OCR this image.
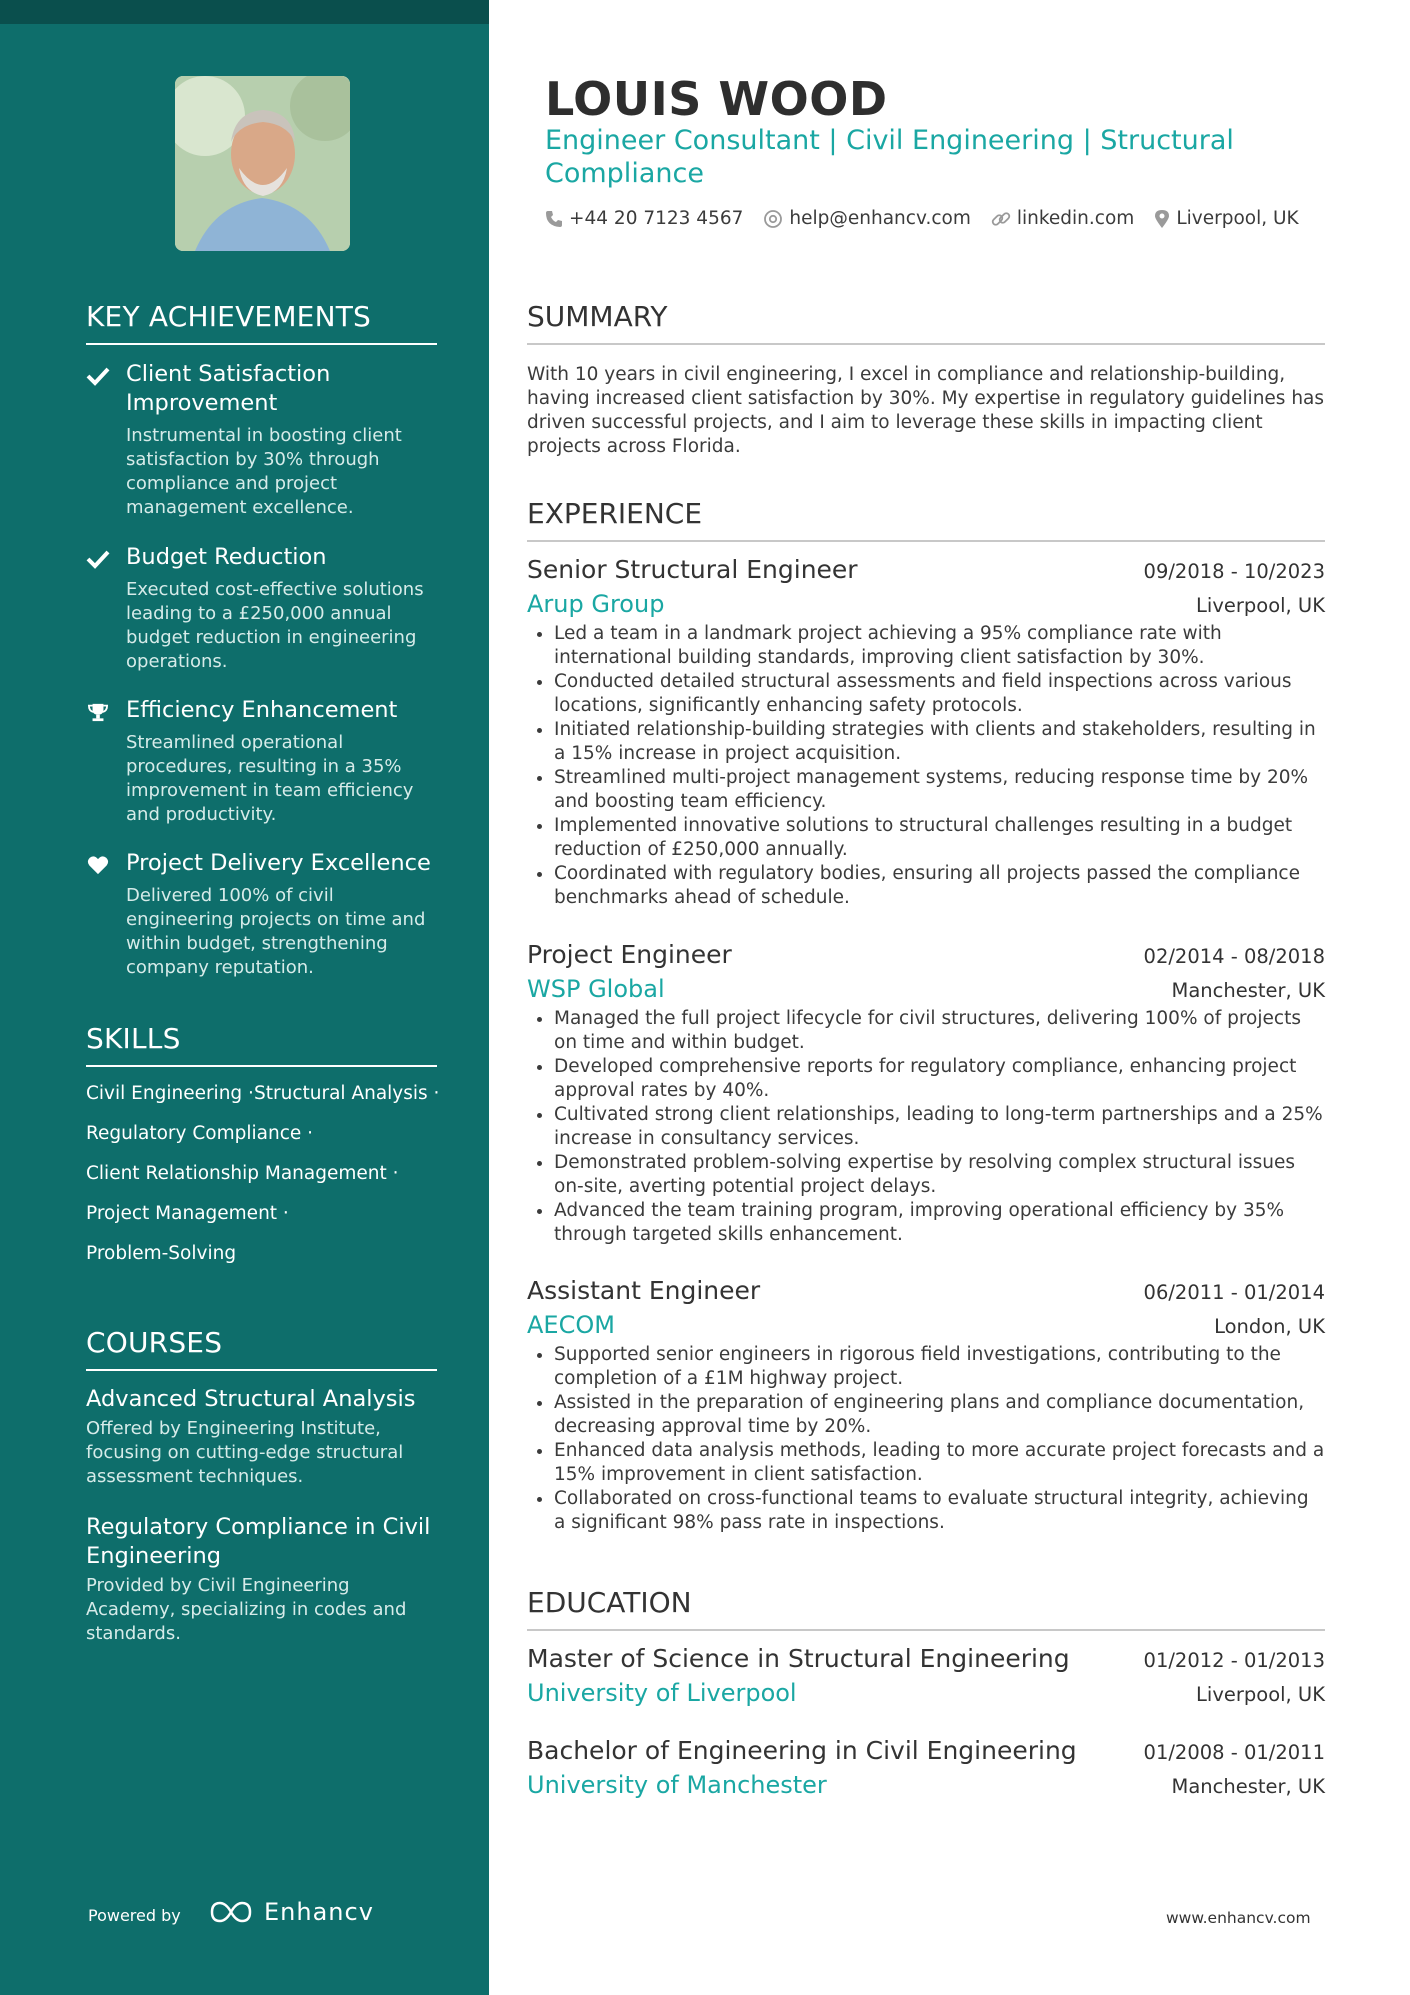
KEY ACHIEVEMENTS
Client Satisfaction Improvement
Instrumental in boosting client satisfaction by 30% through compliance and project management excellence.
Budget Reduction
Executed cost-effective solutions leading to a £250,000 annual budget reduction in engineering operations.
Efficiency Enhancement
Streamlined operational procedures, resulting in a 35% improvement in team efficiency and productivity.
Project Delivery Excellence
Delivered 100% of civil engineering projects on time and within budget, strengthening company reputation.
SKILLS
Civil Engineering · Structural Analysis ·
Regulatory Compliance ·
Client Relationship Management ·
Project Management ·
Problem-Solving
COURSES
Advanced Structural Analysis
Offered by Engineering Institute, focusing on cutting-edge structural assessment techniques.
Regulatory Compliance in Civil Engineering
Provided by Civil Engineering Academy, specializing in codes and standards.
Powered by	Enhancv
LOUIS WOOD
Engineer Consultant | Civil Engineering | Structural Compliance
+44 20 7123 4567 help@enhancv.com linkedin.com Liverpool, UK
SUMMARY
With 10 years in civil engineering, I excel in compliance and relationship-building, having increased client satisfaction by 30%. My expertise in regulatory guidelines has driven successful projects, and I aim to leverage these skills in impacting client projects across Florida.
EXPERIENCE
Senior Structural Engineer	09/2018 - 10/2023
Arup Group	Liverpool, UK
Led a team in a landmark project achieving a 95% compliance rate with international building standards, improving client satisfaction by 30%.
Conducted detailed structural assessments and field inspections across various locations, significantly enhancing safety protocols.
Initiated relationship-building strategies with clients and stakeholders, resulting in a 15% increase in project acquisition.
Streamlined multi-project management systems, reducing response time by 20% and boosting team efficiency.
Implemented innovative solutions to structural challenges resulting in a budget reduction of £250,000 annually.
Coordinated with regulatory bodies, ensuring all projects passed the compliance benchmarks ahead of schedule.
Project Engineer	02/2014 - 08/2018
WSP Global	Manchester, UK
Managed the full project lifecycle for civil structures, delivering 100% of projects on time and within budget.
Developed comprehensive reports for regulatory compliance, enhancing project approval rates by 40%.
Cultivated strong client relationships, leading to long-term partnerships and a 25% increase in consultancy services.
Demonstrated problem-solving expertise by resolving complex structural issues on-site, averting potential project delays.
Advanced the team training program, improving operational efficiency by 35% through targeted skills enhancement.
Assistant Engineer	06/2011 - 01/2014
AECOM	London, UK
Supported senior engineers in rigorous field investigations, contributing to the completion of a £1M highway project.
Assisted in the preparation of engineering plans and compliance documentation, decreasing approval time by 20%.
Enhanced data analysis methods, leading to more accurate project forecasts and a 15% improvement in client satisfaction.
Collaborated on cross-functional teams to evaluate structural integrity, achieving a significant 98% pass rate in inspections.
EDUCATION
Master of Science in Structural Engineering	01/2012 - 01/2013
University of Liverpool	Liverpool, UK
Bachelor of Engineering in Civil Engineering	01/2008 - 01/2011
University of Manchester	Manchester, UK
www.enhancv.com
